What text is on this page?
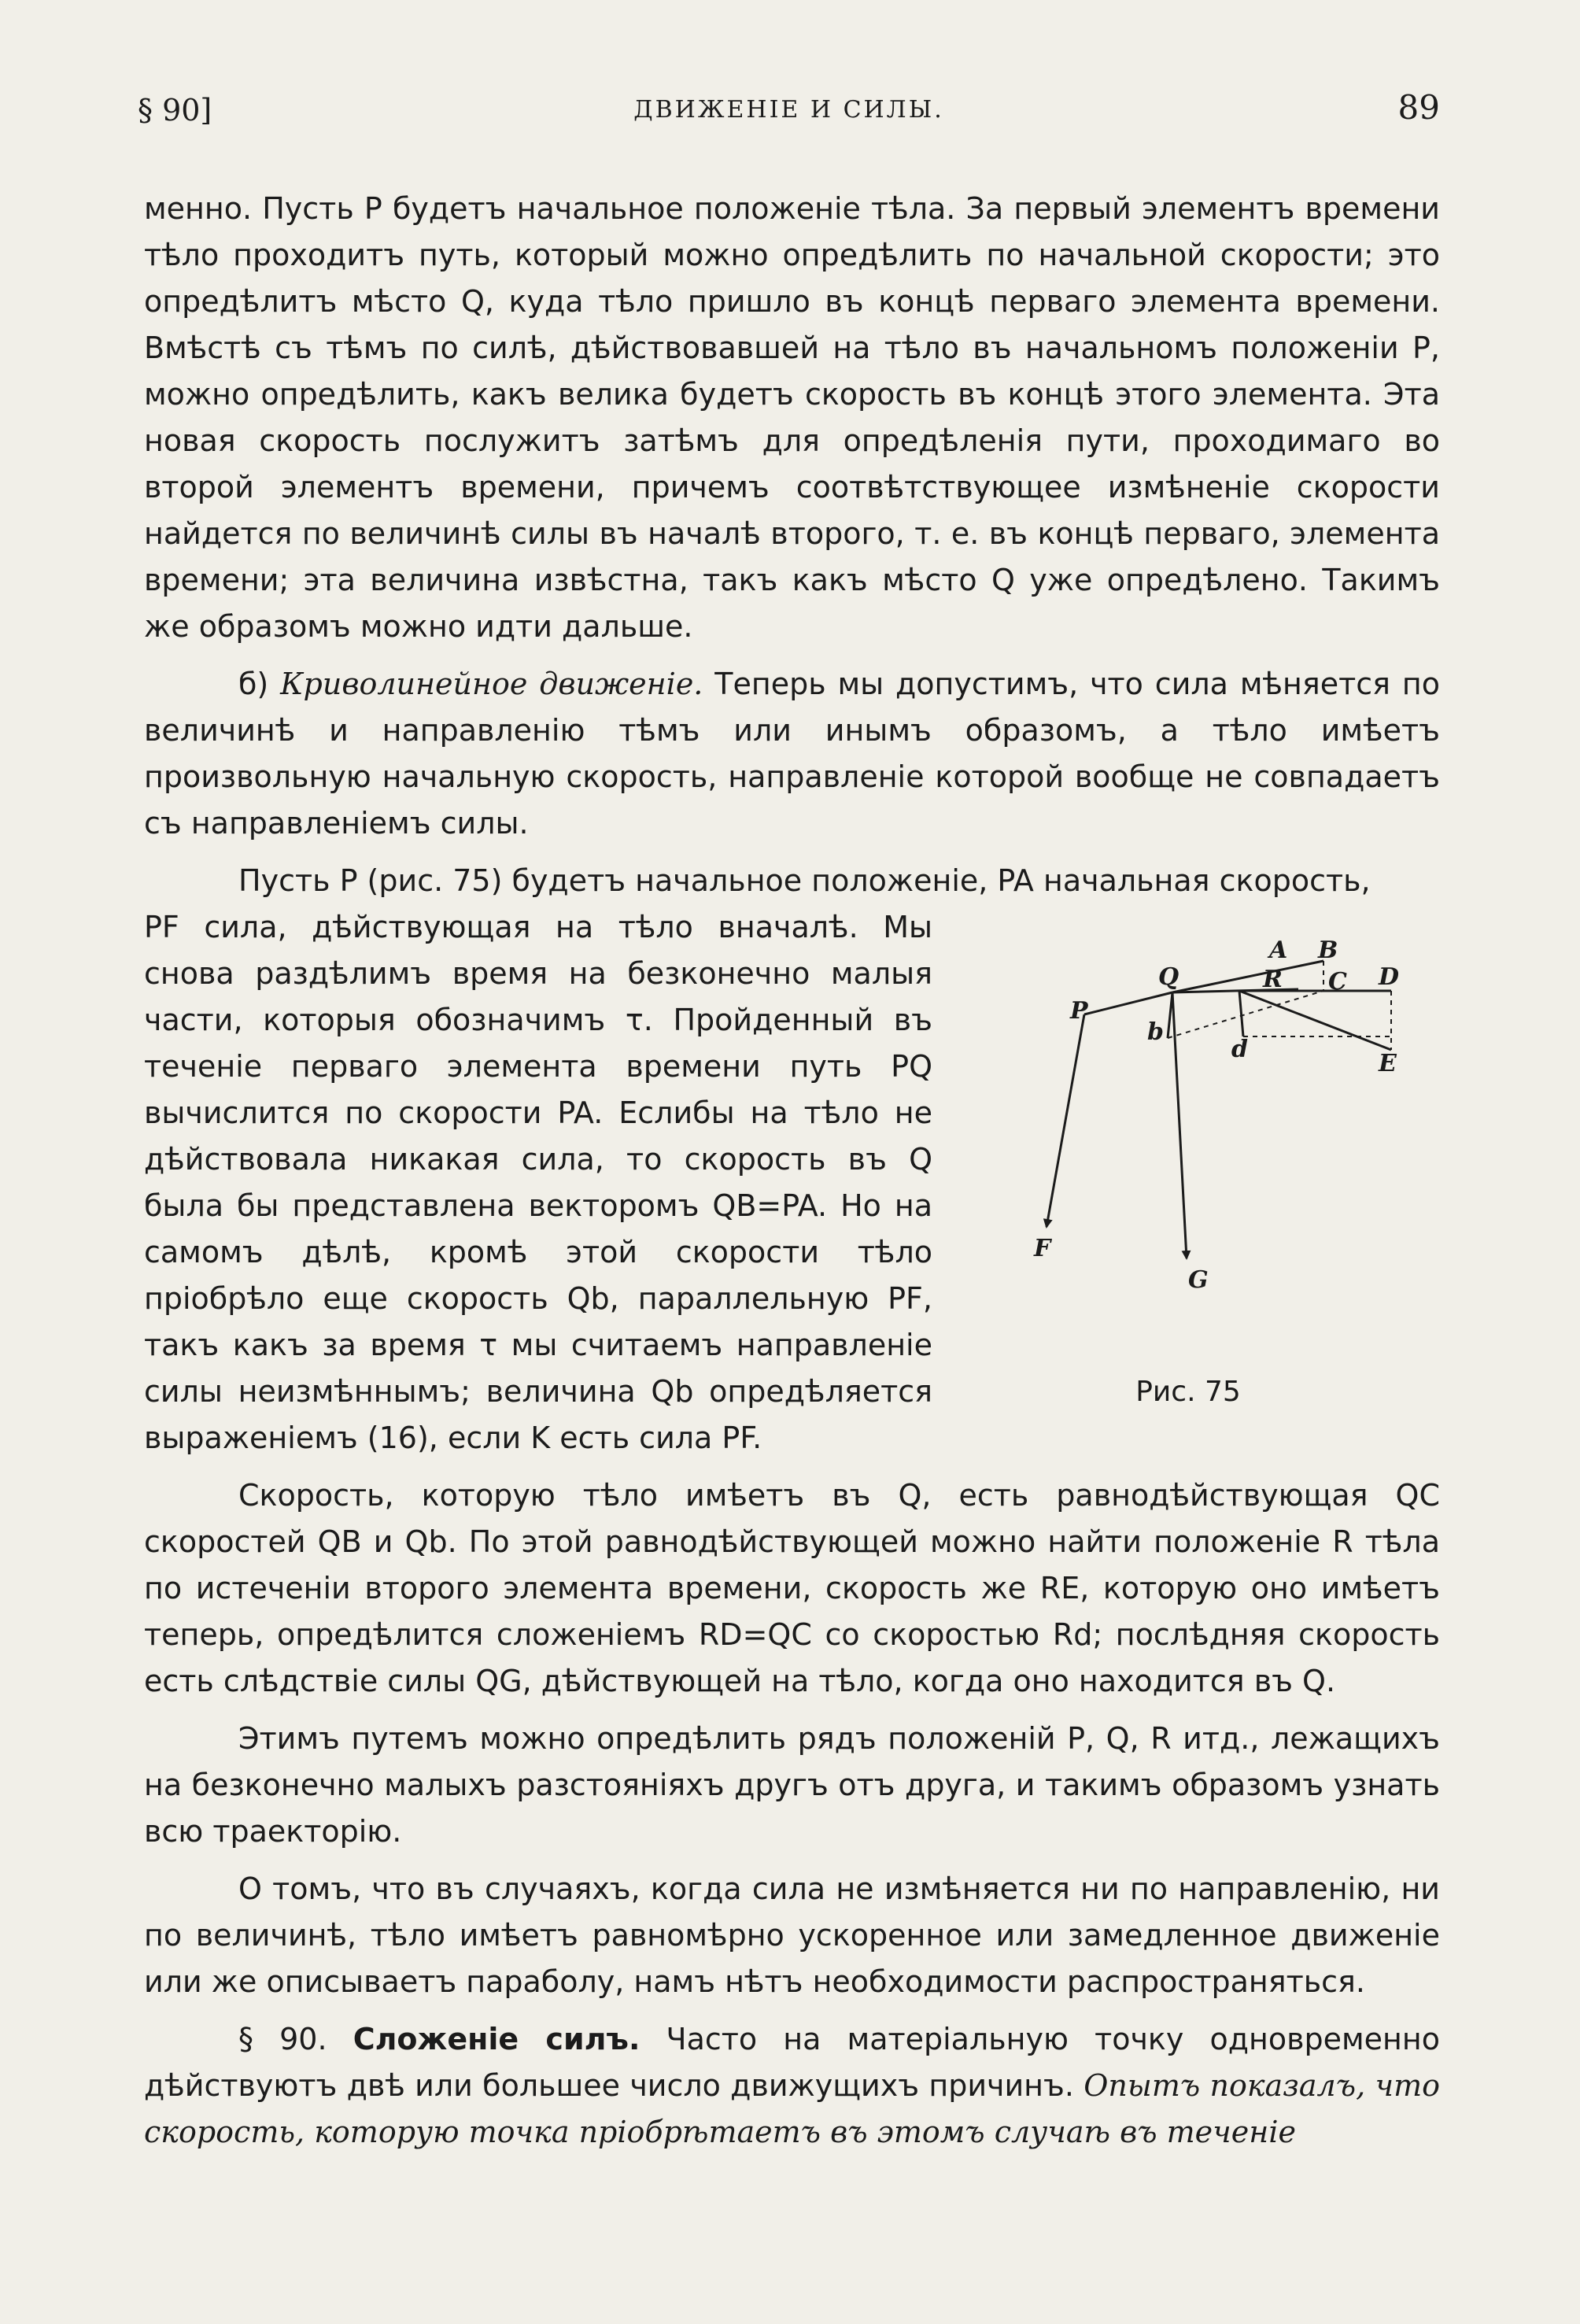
§ 90]	ДВИЖЕНІЕ И СИЛЫ.	89

менно. Пусть P будетъ начальное положеніе тѣла. За первый элементъ времени тѣло проходитъ путь, который можно опредѣлить по начальной скорости; это опредѣлитъ мѣсто Q, куда тѣло пришло въ концѣ перваго элемента времени. Вмѣстѣ съ тѣмъ по силѣ, дѣйствовавшей на тѣло въ начальномъ положеніи P, можно опредѣлить, какъ велика будетъ скорость въ концѣ этого элемента. Эта новая скорость послужитъ затѣмъ для опредѣленія пути, проходимаго во второй элементъ времени, причемъ соотвѣтствующее измѣненіе скорости найдется по величинѣ силы въ началѣ второго, т. е. въ концѣ перваго, элемента времени; эта величина извѣстна, такъ какъ мѣсто Q уже опредѣлено. Такимъ же образомъ можно идти дальше.

б) Криволинейное движеніе. Теперь мы допустимъ, что сила мѣняется по величинѣ и направленію тѣмъ или инымъ образомъ, а тѣло имѣетъ произвольную начальную скорость, направленіе которой вообще не совпадаетъ съ направленіемъ силы.

Пусть P (рис. 75) будетъ начальное положеніе, PA начальная скорость,

P
Q
A B
R C D
b
d
E
F
G
Рис. 75

PF сила, дѣйствующая на тѣло вначалѣ. Мы снова раздѣлимъ время на безконечно малыя части, которыя обозначимъ τ. Пройденный въ теченіе перваго элемента времени путь PQ вычислится по скорости PA. Еслибы на тѣло не дѣйствовала никакая сила, то скорость въ Q была бы представлена векторомъ QB=PA. Но на самомъ дѣлѣ, кромѣ этой скорости тѣло пріобрѣло еще скорость Qb, параллельную PF, такъ какъ за время τ мы считаемъ направленіе силы неизмѣннымъ; величина Qb опредѣляется выраженіемъ (16), если K есть сила PF.

Скорость, которую тѣло имѣетъ въ Q, есть равнодѣйствующая QC скоростей QB и Qb. По этой равнодѣйствующей можно найти положеніе R тѣла по истеченіи второго элемента времени, скорость же RE, которую оно имѣетъ теперь, опредѣлится сложеніемъ RD=QC со скоростью Rd; послѣдняя скорость есть слѣдствіе силы QG, дѣйствующей на тѣло, когда оно находится въ Q.

Этимъ путемъ можно опредѣлить рядъ положеній P, Q, R итд., лежащихъ на безконечно малыхъ разстояніяхъ другъ отъ друга, и такимъ образомъ узнать всю траекторію.

О томъ, что въ случаяхъ, когда сила не измѣняется ни по направленію, ни по величинѣ, тѣло имѣетъ равномѣрно ускоренное или замедленное движеніе или же описываетъ параболу, намъ нѣтъ необходимости распространяться.

§ 90. Сложеніе силъ. Часто на матеріальную точку одновременно дѣйствуютъ двѣ или большее число движущихъ причинъ. Опытъ показалъ, что скорость, которую точка пріобрѣтаетъ въ этомъ случаѣ въ теченіе
